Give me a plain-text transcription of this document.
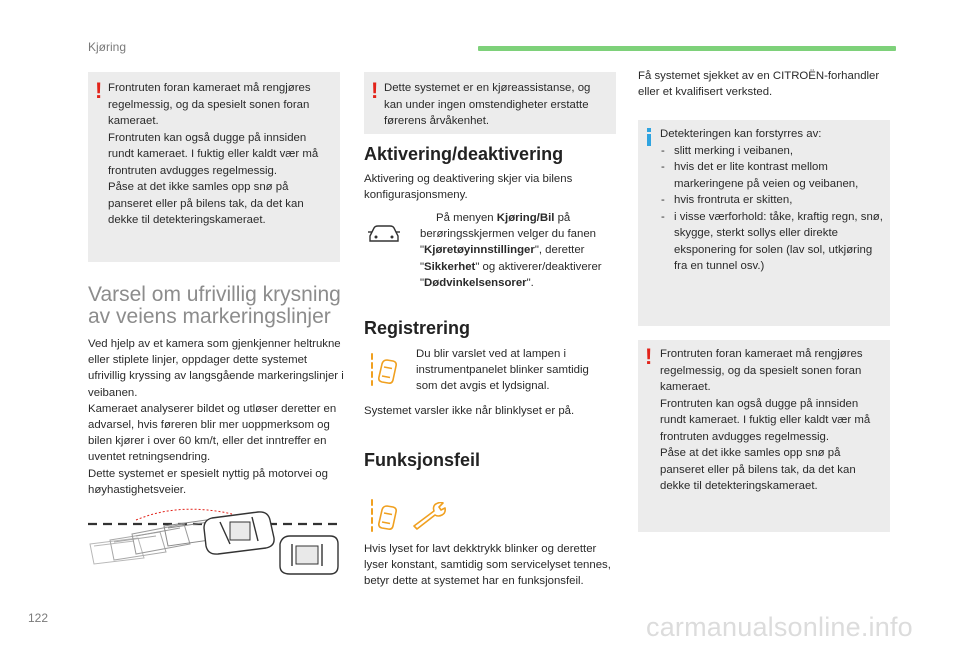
Kjøring
! Frontruten foran kameraet må rengjøres regelmessig, og da spesielt sonen foran kameraet.
Frontruten kan også dugge på innsiden rundt kameraet. I fuktig eller kaldt vær må frontruten avdugges regelmessig.
Påse at det ikke samles opp snø på panseret eller på bilens tak, da det kan dekke til detekteringskameraet.
Varsel om ufrivillig krysning
av veiens markeringslinjer
Ved hjelp av et kamera som gjenkjenner heltrukne eller stiplete linjer, oppdager dette systemet ufrivillig kryssing av langsgående markeringslinjer i veibanen.
Kameraet analyserer bildet og utløser deretter en advarsel, hvis føreren blir mer uoppmerksom og bilen kjører i over 60 km/t, eller det inntreffer en uventet retningsendring.
Dette systemet er spesielt nyttig på motorvei og høyhastighetsveier.
! Dette systemet er en kjøreassistanse, og kan under ingen omstendigheter erstatte førerens årvåkenhet.
Aktivering/deaktivering
Aktivering og deaktivering skjer via bilens konfigurasjonsmeny.
På menyen Kjøring/Bil på berøringsskjermen velger du fanen "Kjøretøyinnstillinger", deretter "Sikkerhet" og aktiverer/deaktiverer "Dødvinkelsensorer".
Registrering
Du blir varslet ved at lampen i instrumentpanelet blinker samtidig som det avgis et lydsignal.
Systemet varsler ikke når blinklyset er på.
Funksjonsfeil
Hvis lyset for lavt dekktrykk blinker og deretter lyser konstant, samtidig som servicelyset tennes, betyr dette at systemet har en funksjonsfeil.
Få systemet sjekket av en CITROËN-forhandler eller et kvalifisert verksted.
Detekteringen kan forstyrres av:
- slitt merking i veibanen,
- hvis det er lite kontrast mellom markeringene på veien og veibanen,
- hvis frontruta er skitten,
- i visse værforhold: tåke, kraftig regn, snø, skygge, sterkt sollys eller direkte eksponering for solen (lav sol, utkjøring fra en tunnel osv.)
! Frontruten foran kameraet må rengjøres regelmessig, og da spesielt sonen foran kameraet.
Frontruten kan også dugge på innsiden rundt kameraet. I fuktig eller kaldt vær må frontruten avdugges regelmessig.
Påse at det ikke samles opp snø på panseret eller på bilens tak, da det kan dekke til detekteringskameraet.
122	carmanualsonline.info
